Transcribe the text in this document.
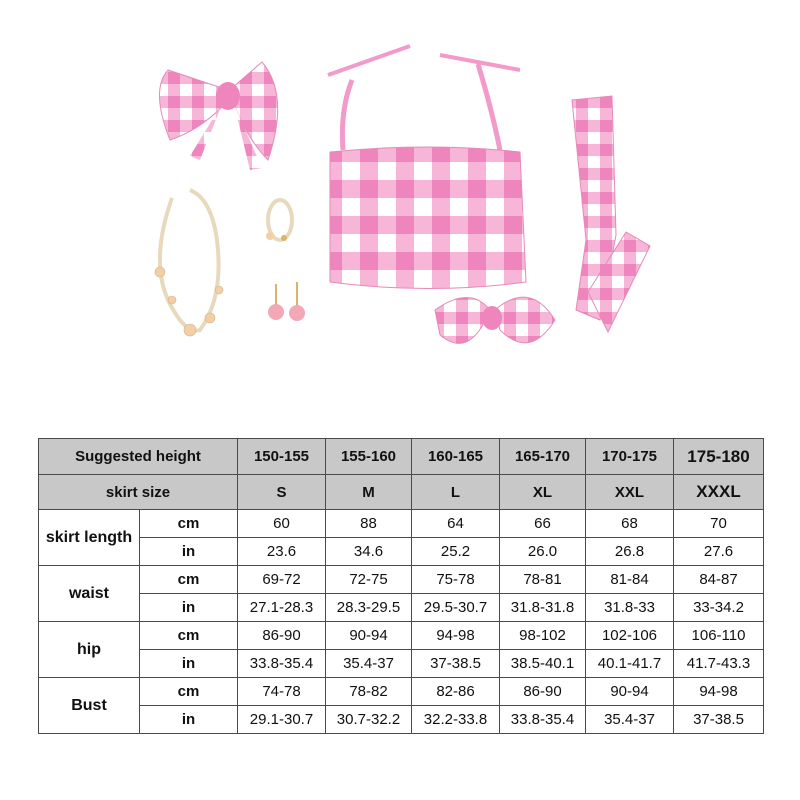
Suggested height		150-155	155-160	160-165	165-170	170-175	175-180
skirt size		S	M	L	XL	XXL	XXXL
skirt length	cm	60	88	64	66	68	70
	in	23.6	34.6	25.2	26.0	26.8	27.6
waist	cm	69-72	72-75	75-78	78-81	81-84	84-87
	in	27.1-28.3	28.3-29.5	29.5-30.7	31.8-31.8	31.8-33	33-34.2
hip	cm	86-90	90-94	94-98	98-102	102-106	106-110
	in	33.8-35.4	35.4-37	37-38.5	38.5-40.1	40.1-41.7	41.7-43.3
Bust	cm	74-78	78-82	82-86	86-90	90-94	94-98
	in	29.1-30.7	30.7-32.2	32.2-33.8	33.8-35.4	35.4-37	37-38.5
